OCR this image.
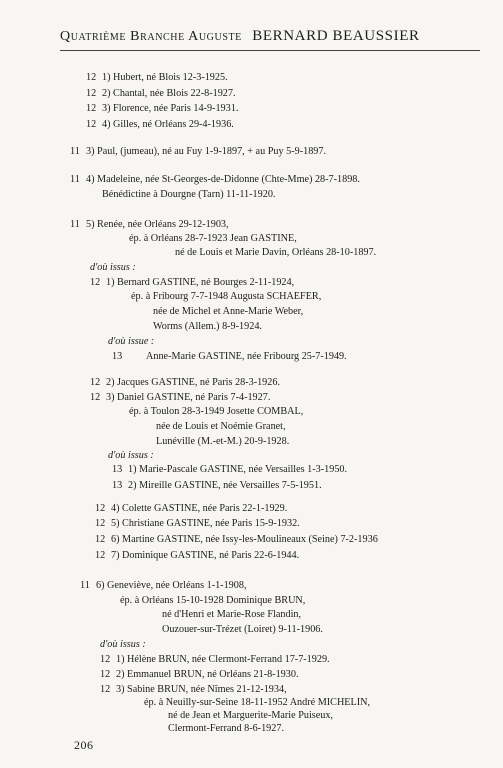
Quatrième Branche Auguste BERNARD BEAUSSIER
12 1) Hubert, né Blois 12-3-1925.
12 2) Chantal, née Blois 22-8-1927.
12 3) Florence, née Paris 14-9-1931.
12 4) Gilles, né Orléans 29-4-1936.
11 3) Paul, (jumeau), né au Fuy 1-9-1897, + au Puy 5-9-1897.
11 4) Madeleine, née St-Georges-de-Didonne (Chte-Mme) 28-7-1898.
Bénédictine à Dourgne (Tarn) 11-11-1920.
11 5) Renée, née Orléans 29-12-1903,
ép. à Orléans 28-7-1923 Jean GASTINE,
né de Louis et Marie Davin, Orléans 28-10-1897.
d'où issus :
12 1) Bernard GASTINE, né Bourges 2-11-1924,
ép. à Fribourg 7-7-1948 Augusta SCHAEFER,
née de Michel et Anne-Marie Weber,
Worms (Allem.) 8-9-1924.
d'où issue :
13 Anne-Marie GASTINE, née Fribourg 25-7-1949.
12 2) Jacques GASTINE, né Paris 28-3-1926.
12 3) Daniel GASTINE, né Paris 7-4-1927.
ép. à Toulon 28-3-1949 Josette COMBAL,
née de Louis et Noémie Granet,
Lunéville (M.-et-M.) 20-9-1928.
d'où issus :
13 1) Marie-Pascale GASTINE, née Versailles 1-3-1950.
13 2) Mireille GASTINE, née Versailles 7-5-1951.
12 4) Colette GASTINE, née Paris 22-1-1929.
12 5) Christiane GASTINE, née Paris 15-9-1932.
12 6) Martine GASTINE, née Issy-les-Moulineaux (Seine) 7-2-1936
12 7) Dominique GASTINE, né Paris 22-6-1944.
11 6) Geneviève, née Orléans 1-1-1908,
ép. à Orléans 15-10-1928 Dominique BRUN,
né d'Henri et Marie-Rose Flandin,
Ouzouer-sur-Trézet (Loiret) 9-11-1906.
d'où issus :
12 1) Hélène BRUN, née Clermont-Ferrand 17-7-1929.
12 2) Emmanuel BRUN, né Orléans 21-8-1930.
12 3) Sabine BRUN, née Nîmes 21-12-1934,
ép. à Neuilly-sur-Seine 18-11-1952 André MICHELIN,
né de Jean et Marguerite-Marie Puiseux,
Clermont-Ferrand 8-6-1927.
206
